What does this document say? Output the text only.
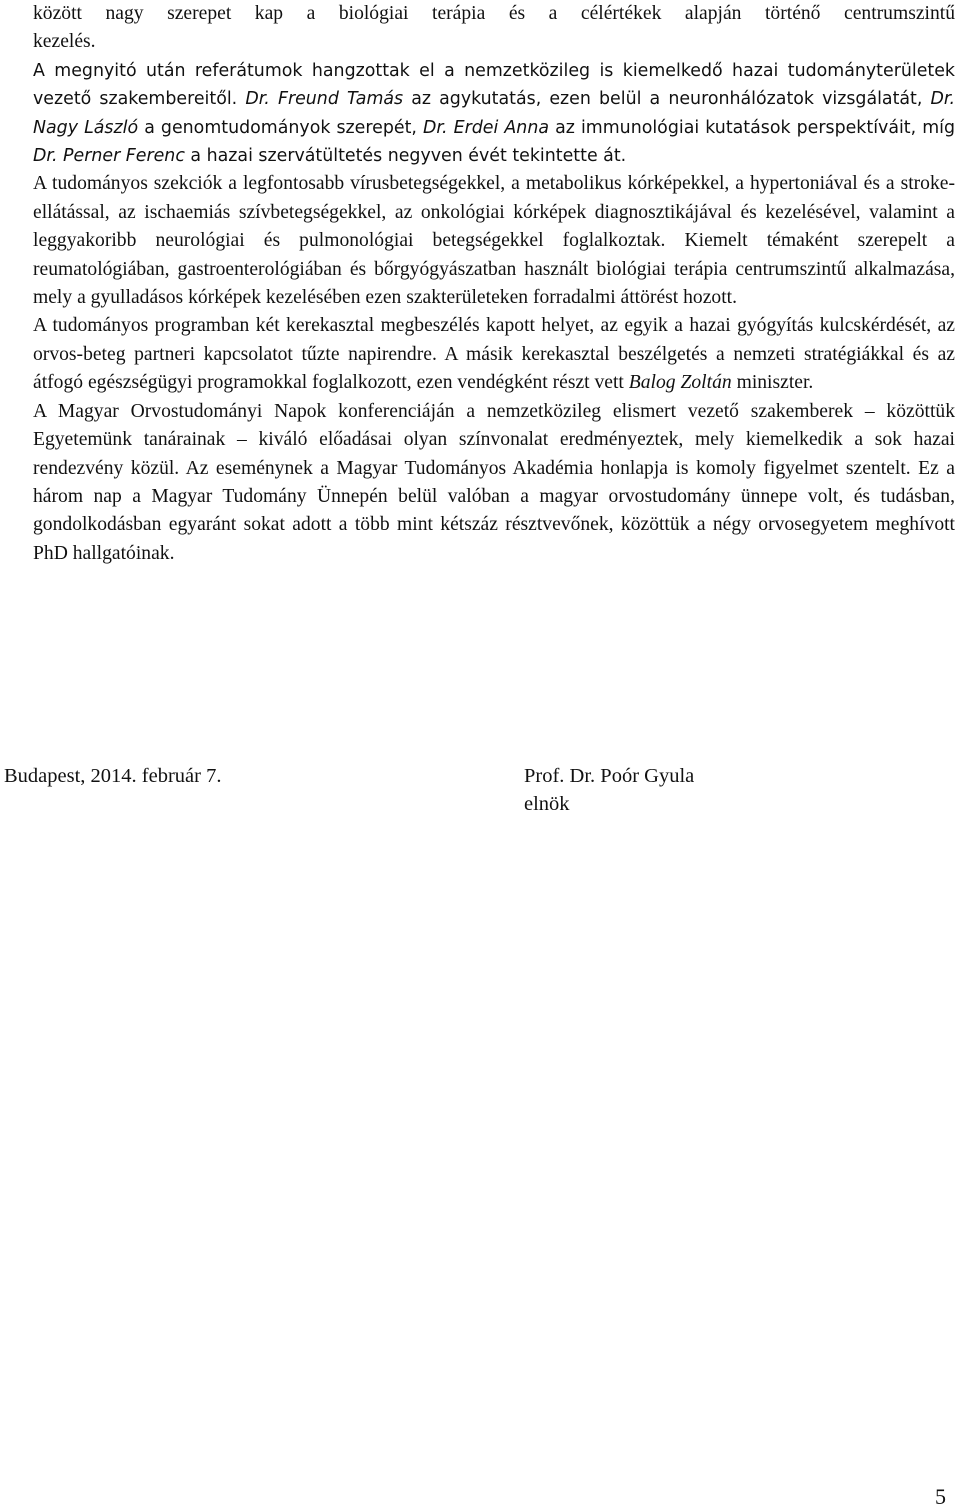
között nagy szerepet kap a biológiai terápia és a célértékek alapján történő centrumszintű

kezelés.

A megnyitó után referátumok hangzottak el a nemzetközileg is kiemelkedő hazai tudományterületek vezető szakembereitől. Dr. Freund Tamás az agykutatás, ezen belül a neuronhálózatok vizsgálatát, Dr. Nagy László a genomtudományok szerepét, Dr. Erdei Anna az immunológiai kutatások perspektíváit, míg Dr. Perner Ferenc a hazai szervátültetés negyven évét tekintette át.

A tudományos szekciók a legfontosabb vírusbetegségekkel, a metabolikus kórképekkel, a hypertoniával és a stroke-ellátással, az ischaemiás szívbetegségekkel, az onkológiai kórképek diagnosztikájával és kezelésével, valamint a leggyakoribb neurológiai és pulmonológiai betegségekkel foglalkoztak. Kiemelt témaként szerepelt a reumatológiában, gastroenterológiában és bőrgyógyászatban használt biológiai terápia centrumszintű alkalmazása, mely a gyulladásos kórképek kezelésében ezen szakterületeken forradalmi áttörést hozott.

A tudományos programban két kerekasztal megbeszélés kapott helyet, az egyik a hazai gyógyítás kulcskérdését, az orvos-beteg partneri kapcsolatot tűzte napirendre. A másik kerekasztal beszélgetés a nemzeti stratégiákkal és az átfogó egészségügyi programokkal foglalkozott, ezen vendégként részt vett Balog Zoltán miniszter.

A Magyar Orvostudományi Napok konferenciáján a nemzetközileg elismert vezető szakemberek – közöttük Egyetemünk tanárainak – kiváló előadásai olyan színvonalat eredményeztek, mely kiemelkedik a sok hazai rendezvény közül. Az eseménynek a Magyar Tudományos Akadémia honlapja is komoly figyelmet szentelt. Ez a három nap a Magyar Tudomány Ünnepén belül valóban a magyar orvostudomány ünnepe volt, és tudásban, gondolkodásban egyaránt sokat adott a több mint kétszáz résztvevőnek, közöttük a négy orvosegyetem meghívott PhD hallgatóinak.

Budapest, 2014. február 7.	Prof. Dr. Poór Gyula
elnök
5
